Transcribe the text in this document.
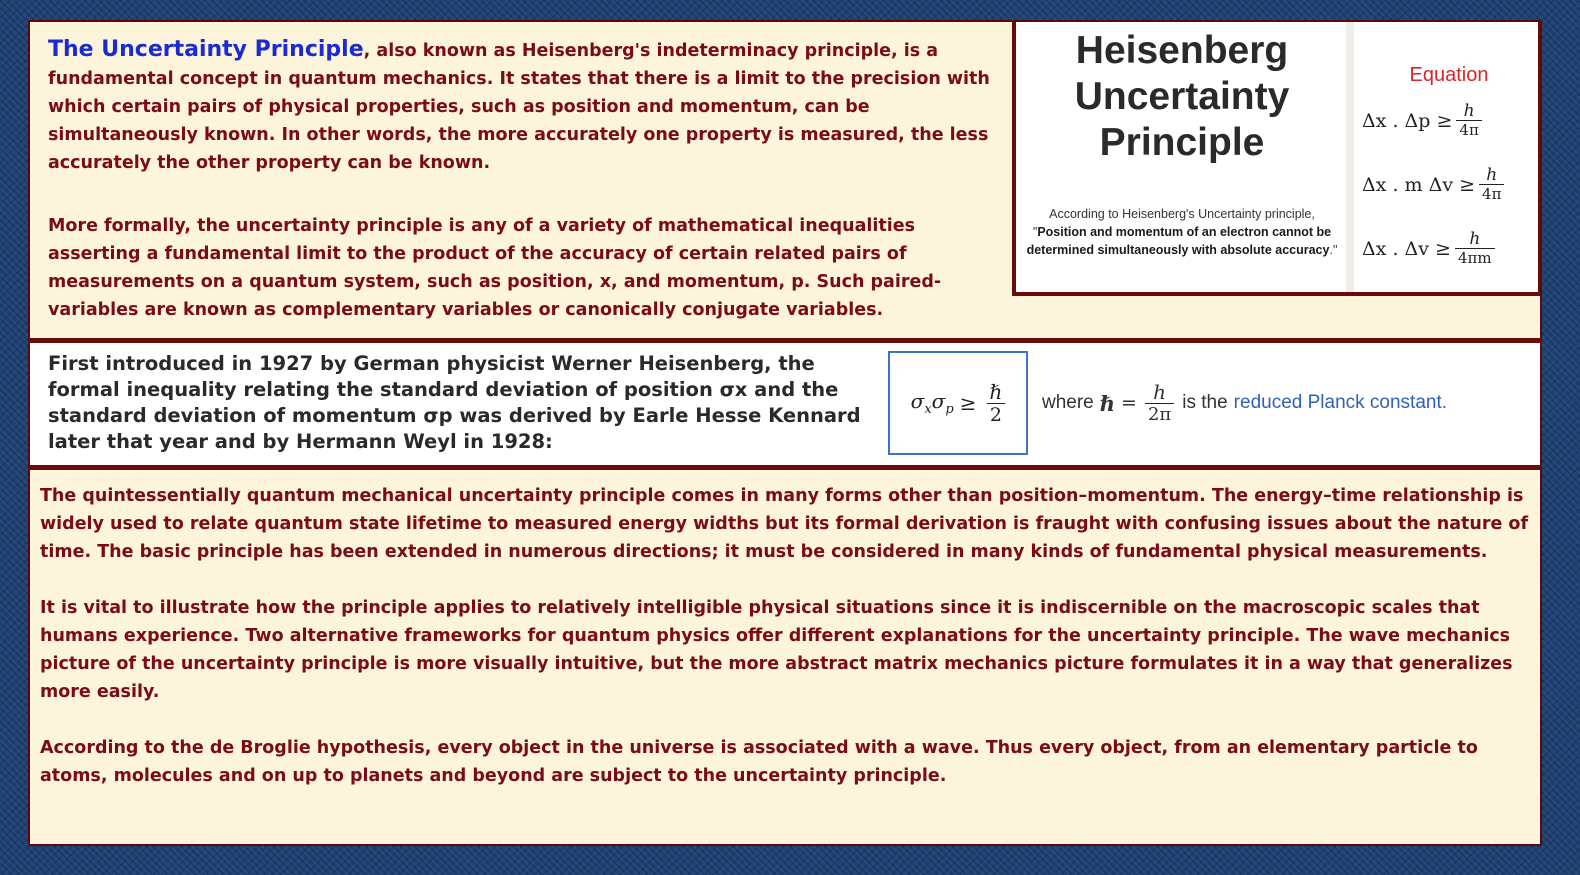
The Uncertainty Principle, also known as Heisenberg's indeterminacy principle, is a fundamental concept in quantum mechanics. It states that there is a limit to the precision with which certain pairs of physical properties, such as position and momentum, can be simultaneously known. In other words, the more accurately one property is measured, the less accurately the other property can be known.

More formally, the uncertainty principle is any of a variety of mathematical inequalities asserting a fundamental limit to the product of the accuracy of certain related pairs of measurements on a quantum system, such as position, x, and momentum, p. Such paired-variables are known as complementary variables or canonically conjugate variables.

Heisenberg
Uncertainty
Principle
According to Heisenberg's Uncertainty principle, "Position and momentum of an electron cannot be determined simultaneously with absolute accuracy."
Equation
Δx . $\Delta p \ge \frac{h}{4\pi}$
Δx . m $\Delta v \ge \frac{h}{4\pi}$
Δx . $\Delta v \ge \frac{h}{4\pi m}$

First introduced in 1927 by German physicist Werner Heisenberg, the formal inequality relating the standard deviation of position σx and the standard deviation of momentum σp was derived by Earle Hesse Kennard later that year and by Hermann Weyl in 1928:

$\sigma_x$ $\sigma_p \ge \frac{\text{ℏ}}{2}$ where ℏ = $\frac{h}{2\pi}$ is the reduced Planck constant.

The quintessentially quantum mechanical uncertainty principle comes in many forms other than position–momentum. The energy–time relationship is widely used to relate quantum state lifetime to measured energy widths but its formal derivation is fraught with confusing issues about the nature of time. The basic principle has been extended in numerous directions; it must be considered in many kinds of fundamental physical measurements.

It is vital to illustrate how the principle applies to relatively intelligible physical situations since it is indiscernible on the macroscopic scales that humans experience. Two alternative frameworks for quantum physics offer different explanations for the uncertainty principle. The wave mechanics picture of the uncertainty principle is more visually intuitive, but the more abstract matrix mechanics picture formulates it in a way that generalizes more easily.

According to the de Broglie hypothesis, every object in the universe is associated with a wave. Thus every object, from an elementary particle to atoms, molecules and on up to planets and beyond are subject to the uncertainty principle.
